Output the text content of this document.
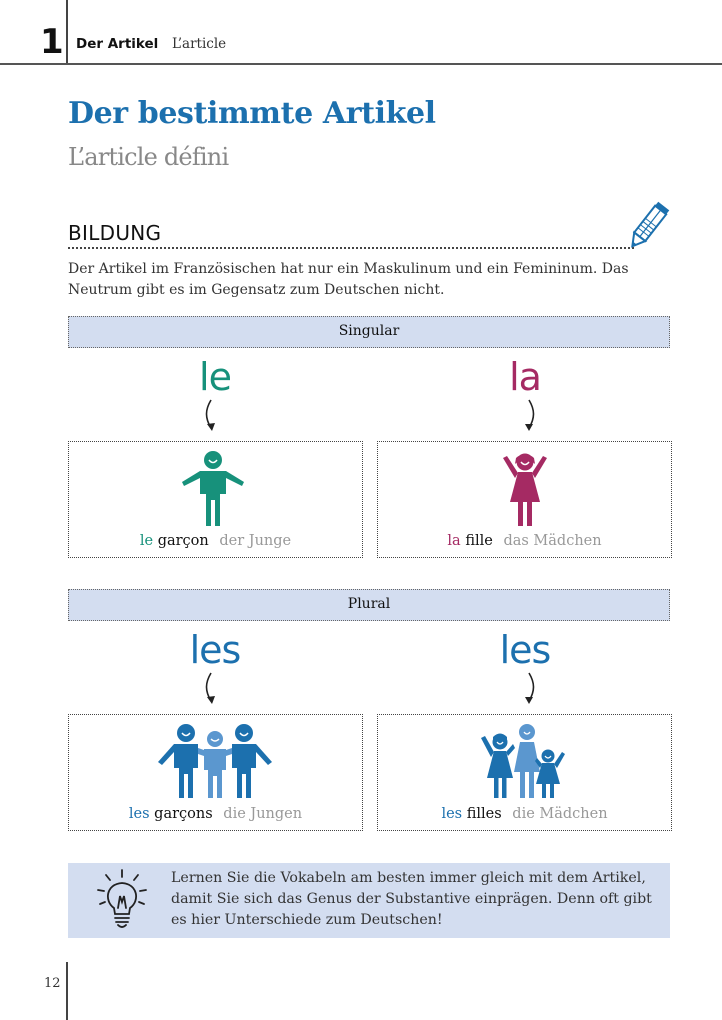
1 Der Artikel L’article
Der bestimmte Artikel
L’article défini
BILDUNG
Der Artikel im Französischen hat nur ein Maskulinum und ein Femininum. Das Neutrum gibt es im Gegensatz zum Deutschen nicht.
Singular
le	la
le garçon der Junge	la fille das Mädchen
Plural
les	les
les garçons die Jungen	les filles die Mädchen
Lernen Sie die Vokabeln am besten immer gleich mit dem Artikel, damit Sie sich das Genus der Substantive einprägen. Denn oft gibt es hier Unterschiede zum Deutschen!
12
